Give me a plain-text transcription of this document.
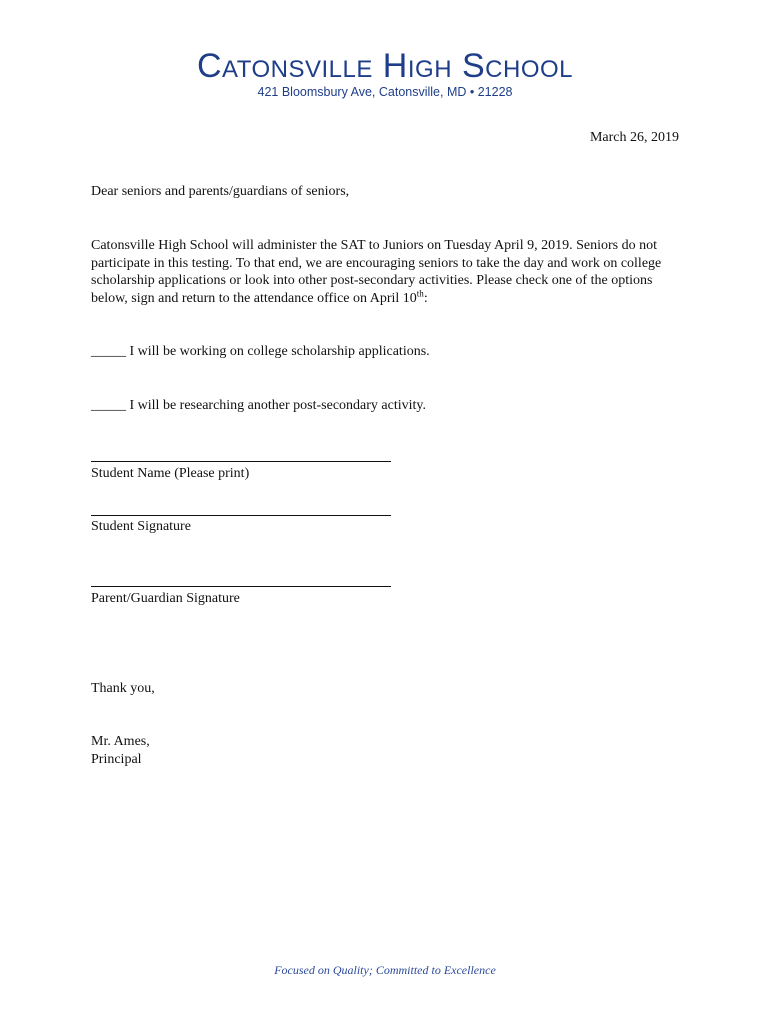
Catonsville High School
421 Bloomsbury Ave, Catonsville, MD • 21228
March 26, 2019

Dear seniors and parents/guardians of seniors,

Catonsville High School will administer the SAT to Juniors on Tuesday April 9, 2019. Seniors do not participate in this testing. To that end, we are encouraging seniors to take the day and work on college scholarship applications or look into other post-secondary activities. Please check one of the options below, sign and return to the attendance office on April 10th:

_____ I will be working on college scholarship applications.

_____ I will be researching another post-secondary activity.

Student Name (Please print)

Student Signature

Parent/Guardian Signature

Thank you,

Mr. Ames,

Principal

Focused on Quality; Committed to Excellence
